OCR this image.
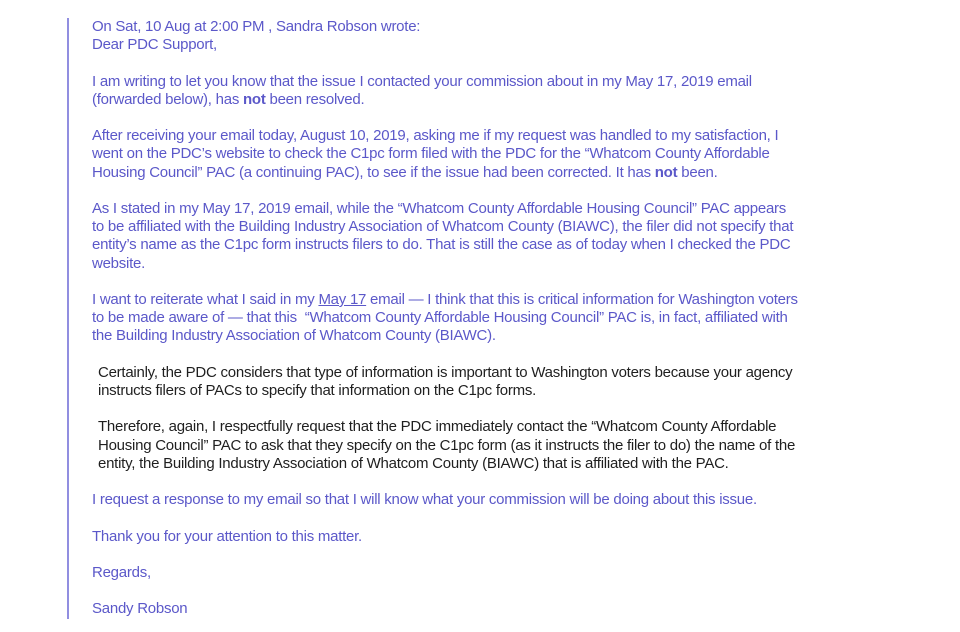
On Sat, 10 Aug at 2:00 PM , Sandra Robson wrote:

Dear PDC Support,

I am writing to let you know that the issue I contacted your commission about in my May 17, 2019 email
(forwarded below), has not been resolved.

After receiving your email today, August 10, 2019, asking me if my request was handled to my satisfaction, I
went on the PDC’s website to check the C1pc form filed with the PDC for the “Whatcom County Affordable
Housing Council” PAC (a continuing PAC), to see if the issue had been corrected. It has not been.

As I stated in my May 17, 2019 email, while the “Whatcom County Affordable Housing Council” PAC appears
to be affiliated with the Building Industry Association of Whatcom County (BIAWC), the filer did not specify that
entity’s name as the C1pc form instructs filers to do. That is still the case as of today when I checked the PDC
website.

I want to reiterate what I said in my May 17 email — I think that this is critical information for Washington voters
to be made aware of — that this  “Whatcom County Affordable Housing Council” PAC is, in fact, affiliated with
the Building Industry Association of Whatcom County (BIAWC).

Certainly, the PDC considers that type of information is important to Washington voters because your agency
instructs filers of PACs to specify that information on the C1pc forms.

Therefore, again, I respectfully request that the PDC immediately contact the “Whatcom County Affordable
Housing Council” PAC to ask that they specify on the C1pc form (as it instructs the filer to do) the name of the
entity, the Building Industry Association of Whatcom County (BIAWC) that is affiliated with the PAC.

I request a response to my email so that I will know what your commission will be doing about this issue.

Thank you for your attention to this matter.

Regards,

Sandy Robson
